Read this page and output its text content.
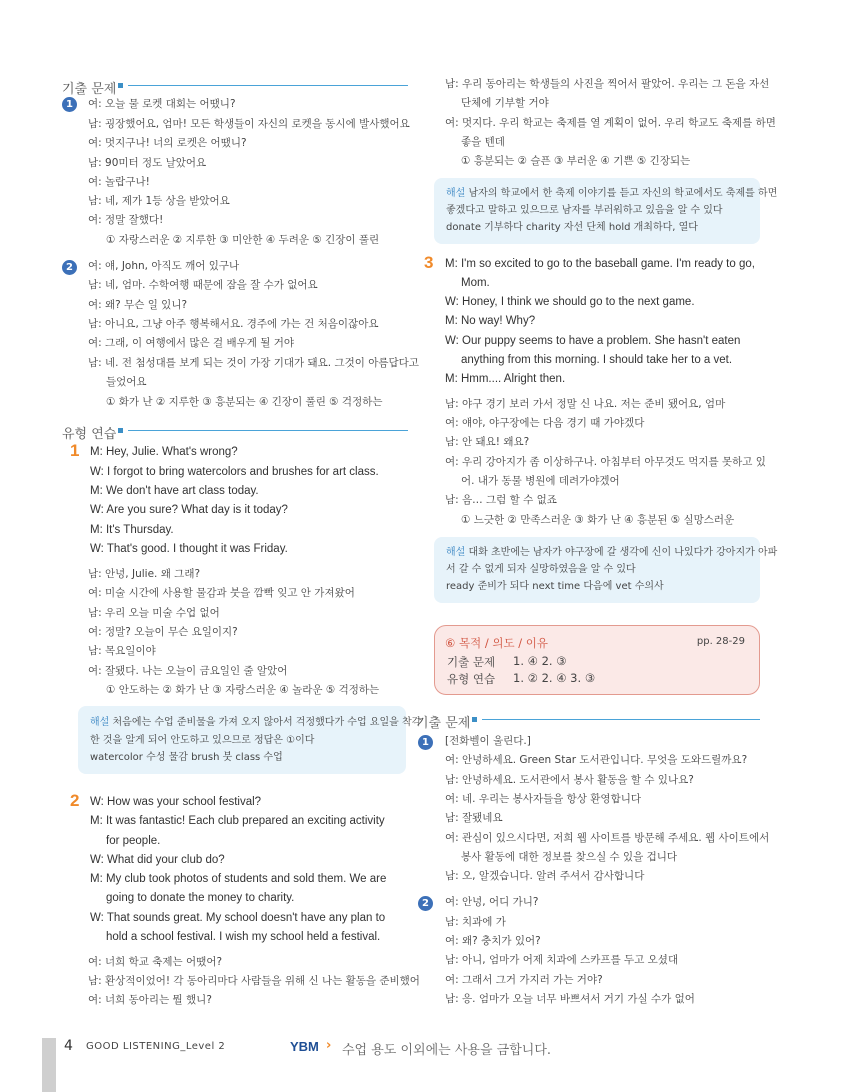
기출 문제
1	여: 오늘 물 로켓 대회는 어땠니?
남: 굉장했어요, 엄마! 모든 학생들이 자신의 로켓을 동시에 발사했어요
여: 멋지구나! 너의 로켓은 어땠니?
남: 90미터 정도 날았어요
여: 놀랍구나!
남: 네, 제가 1등 상을 받았어요
여: 정말 잘했다!
① 자랑스러운 ② 지루한 ③ 미안한 ④ 두려운 ⑤ 긴장이 풀린
2	여: 얘, John, 아직도 깨어 있구나
남: 네, 엄마. 수학여행 때문에 잠을 잘 수가 없어요
여: 왜? 무슨 일 있니?
남: 아니요, 그냥 아주 행복해서요. 경주에 가는 건 처음이잖아요
여: 그래, 이 여행에서 많은 걸 배우게 될 거야
남: 네. 전 첨성대를 보게 되는 것이 가장 기대가 돼요. 그것이 아름답다고
들었어요
① 화가 난 ② 지루한 ③ 흥분되는 ④ 긴장이 풀린 ⑤ 걱정하는
유형 연습
1 M: Hey, Julie. What's wrong?
W: I forgot to bring watercolors and brushes for art class.
M: We don't have art class today.
W: Are you sure? What day is it today?
M: It's Thursday.
W: That's good. I thought it was Friday.
남: 안녕, Julie. 왜 그래?
여: 미술 시간에 사용할 물감과 붓을 깜빡 잊고 안 가져왔어
남: 우리 오늘 미술 수업 없어
여: 정말? 오늘이 무슨 요일이지?
남: 목요일이야
여: 잘됐다. 나는 오늘이 금요일인 줄 알았어
① 안도하는 ② 화가 난 ③ 자랑스러운 ④ 놀라운 ⑤ 걱정하는
해설 처음에는 수업 준비물을 가져 오지 않아서 걱정했다가 수업 요일을 착각
한 것을 알게 되어 안도하고 있으므로 정답은 ①이다
watercolor 수성 물감 brush 붓 class 수업
2 W: How was your school festival?
M: It was fantastic! Each club prepared an exciting activity
for people.
W: What did your club do?
M: My club took photos of students and sold them. We are
going to donate the money to charity.
W: That sounds great. My school doesn't have any plan to
hold a school festival. I wish my school held a festival.
여: 너희 학교 축제는 어땠어?
남: 환상적이었어! 각 동아리마다 사람들을 위해 신 나는 활동을 준비했어
여: 너희 동아리는 뭘 했니?
남: 우리 동아리는 학생들의 사진을 찍어서 팔았어. 우리는 그 돈을 자선
단체에 기부할 거야
여: 멋지다. 우리 학교는 축제를 열 계획이 없어. 우리 학교도 축제를 하면
좋을 텐데
① 흥분되는 ② 슬픈 ③ 부러운 ④ 기쁜 ⑤ 긴장되는
해설 남자의 학교에서 한 축제 이야기를 듣고 자신의 학교에서도 축제를 하면
좋겠다고 말하고 있으므로 남자를 부러워하고 있음을 알 수 있다
donate 기부하다 charity 자선 단체 hold 개최하다, 열다
3 M: I'm so excited to go to the baseball game. I'm ready to go,
Mom.
W: Honey, I think we should go to the next game.
M: No way! Why?
W: Our puppy seems to have a problem. She hasn't eaten
anything from this morning. I should take her to a vet.
M: Hmm.... Alright then.
남: 야구 경기 보러 가서 정말 신 나요. 저는 준비 됐어요, 엄마
여: 얘야, 야구장에는 다음 경기 때 가야겠다
남: 안 돼요! 왜요?
여: 우리 강아지가 좀 이상하구나. 아침부터 아무것도 먹지를 못하고 있
어. 내가 동물 병원에 데려가야겠어
남: 음… 그럼 할 수 없죠
① 느긋한 ② 만족스러운 ③ 화가 난 ④ 흥분된 ⑤ 실망스러운
해설 대화 초반에는 남자가 야구장에 갈 생각에 신이 나있다가 강아지가 아파
서 갈 수 없게 되자 실망하였음을 알 수 있다
ready 준비가 되다 next time 다음에 vet 수의사
⑥ 목적 / 의도 / 이유	pp. 28-29
기출 문제 1. ④ 2. ③
유형 연습 1. ② 2. ④ 3. ③
기출 문제
1	[전화벨이 울린다.]
여: 안녕하세요. Green Star 도서관입니다. 무엇을 도와드릴까요?
남: 안녕하세요. 도서관에서 봉사 활동을 할 수 있나요?
여: 네. 우리는 봉사자들을 항상 환영합니다
남: 잘됐네요
여: 관심이 있으시다면, 저희 웹 사이트를 방문해 주세요. 웹 사이트에서
봉사 활동에 대한 정보를 찾으실 수 있을 겁니다
남: 오, 알겠습니다. 알려 주셔서 감사합니다
2	여: 안녕, 어디 가니?
남: 치과에 가
여: 왜? 충치가 있어?
남: 아니, 엄마가 어제 치과에 스카프를 두고 오셨대
여: 그래서 그거 가지러 가는 거야?
남: 응. 엄마가 오늘 너무 바쁘셔서 거기 가실 수가 없어
4 GOOD LISTENING_Level 2	YBM › 수업 용도 이외에는 사용을 금합니다.
